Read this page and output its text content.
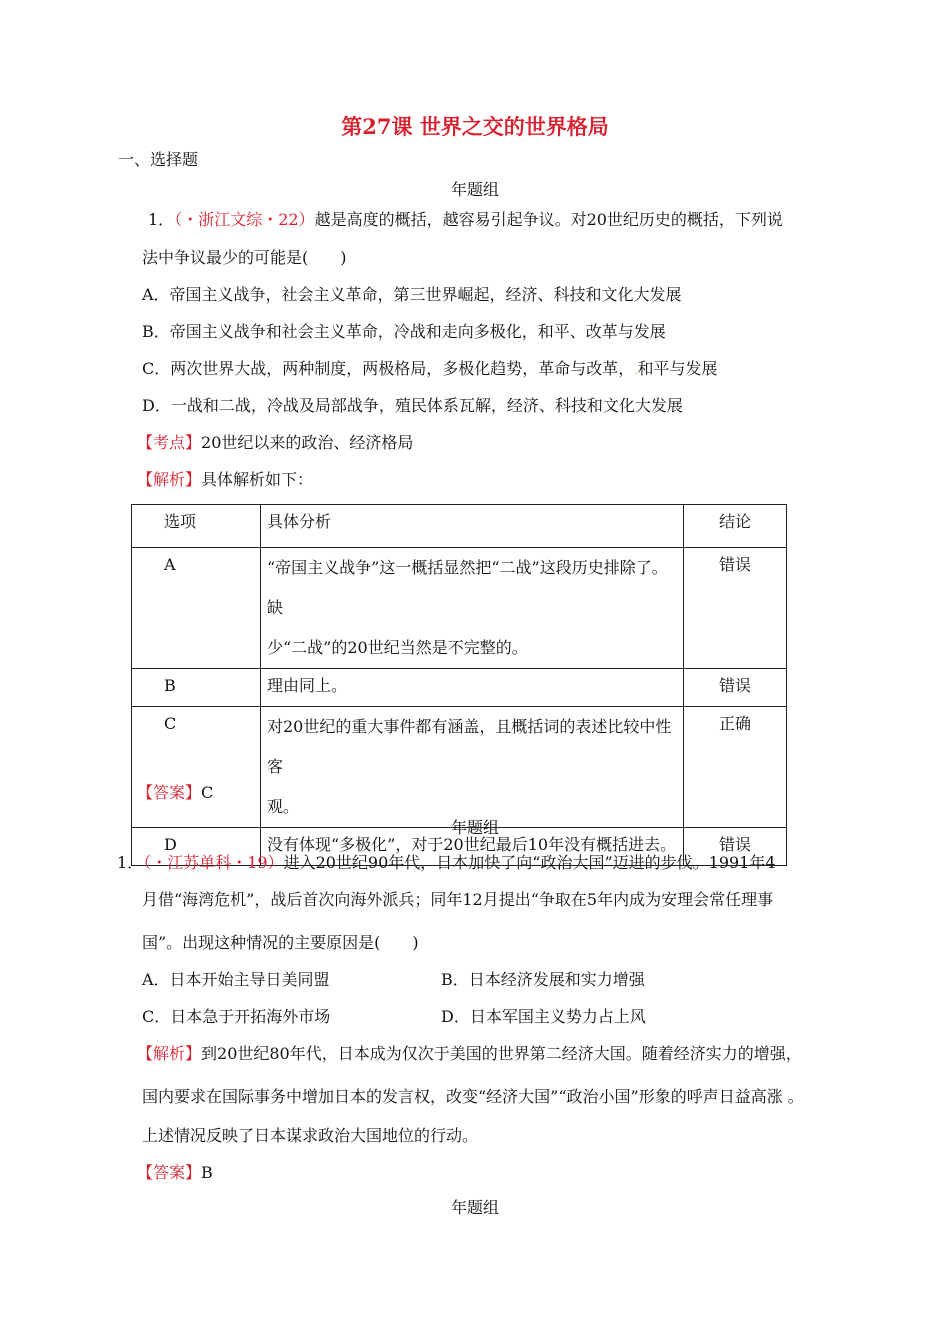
第27课 世界之交的世界格局
一、选择题
年题组
1．（・浙江文综・22）越是高度的概括，越容易引起争议。对20世纪历史的概括，下列说
法中争议最少的可能是(　　)
A．帝国主义战争，社会主义革命，第三世界崛起，经济、科技和文化大发展
B．帝国主义战争和社会主义革命，冷战和走向多极化，和平、改革与发展
C．两次世界大战，两种制度，两极格局，多极化趋势，革命与改革，.和平与发展
D．一战和二战，冷战及局部战争，殖民体系瓦解，经济、科技和文化大发展
【考点】20世纪以来的政治、经济格局
【解析】具体解析如下：
选项	具体分析	结论
A	“帝国主义战争”这一概括显然把“二战”这段历史排除了。缺
少“二战”的20世纪当然是不完整的。	错误
B	理由同上。	错误
C	对20世纪的重大事件都有涵盖，且概括词的表述比较中性客
观。	正确
D	没有体现“多极化”，对于20世纪最后10年没有概括进去。	错误
【答案】C
年题组
1．（・江苏单科・19）进入20世纪90年代，日本加快了向“政治大国”迈进的步伐。1991年4
月借“海湾危机”，战后首次向海外派兵；同年12月提出“争取在5年内成为安理会常任理事
国”。出现这种情况的主要原因是(　　)
A．日本开始主导日美同盟	B．日本经济发展和实力增强
C．日本急于开拓海外市场	D．日本军国主义势力占上风
【解析】到20世纪80年代，日本成为仅次于美国的世界第二经济大国。随着经济实力的增强，
国内要求在国际事务中增加日本的发言权，改变“经济大国”“政治小国”形象的呼声日益高涨 。
上述情况反映了日本谋求政治大国地位的行动。
【答案】B
年题组
